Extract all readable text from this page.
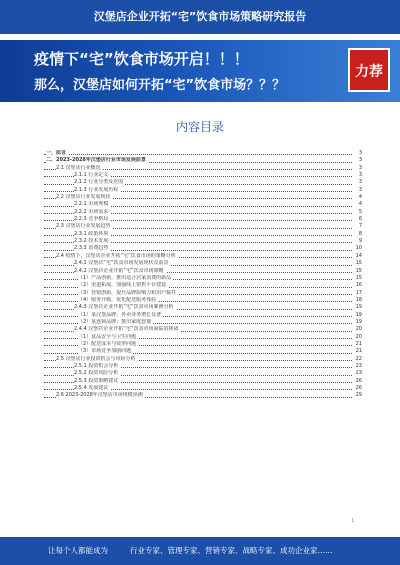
汉堡店企业开拓“宅”饮食市场策略研究报告
疫情下“宅”饮食市场开启！！！
那么，汉堡店如何开拓“宅”饮食市场？？？
力荐
内容目录
一、前言	3
二、2023-2028年汉堡店行业市场发展前景	3
2.1 汉堡店行业概况	3
2.1.1 行业定义	3
2.1.2 行业分类及范围	3
2.1.3 行业发展历程	3
2.2 汉堡店行业发展现状	4
2.2.1 市场规模	4
2.2.2 市场需求	5
2.2.3 竞争格局	6
2.3 汉堡店行业发展趋势	7
2.3.1 政策环境	8
2.3.2 技术发展	9
2.3.3 消费趋势	10
2.4 疫情下，汉堡店企业开拓“宅”饮食市场的策略分析	14
2.4.1 汉堡店“宅”饮食市场发展现状及前景	15
2.4.2 汉堡店企业开拓“宅”饮食市场策略	15
（1）产品创新，推出适合居家消费的新品	15
（2）渠道拓展，加强线上销售平台建设	16
（3）营销创新，提升品牌影响力和用户黏性	17
（4）服务升级，优化配送服务体验	18
2.4.3 汉堡店企业开拓“宅”饮食市场案例分析	19
（1）某汉堡品牌：外卖业务增长显著	19
（2）某连锁品牌：推出家庭套餐	19
2.4.4 汉堡店企业开拓“宅”饮食市场面临的挑战	20
（1）食品安全与卫生问题	20
（2）配送成本与效率问题	21
（3）市场竞争加剧问题	21
2.5 汉堡店行业投资机会与风险分析	22
2.5.1 投资机会分析	23
2.5.2 投资风险分析	23
2.5.3 投资策略建议	26
2.5.4 发展建议	26
2.6 2023-2028年汉堡店市场规模预测	29
1
让每个人都能成为	行业专家、管理专家、营销专家、战略专家、成功企业家……
